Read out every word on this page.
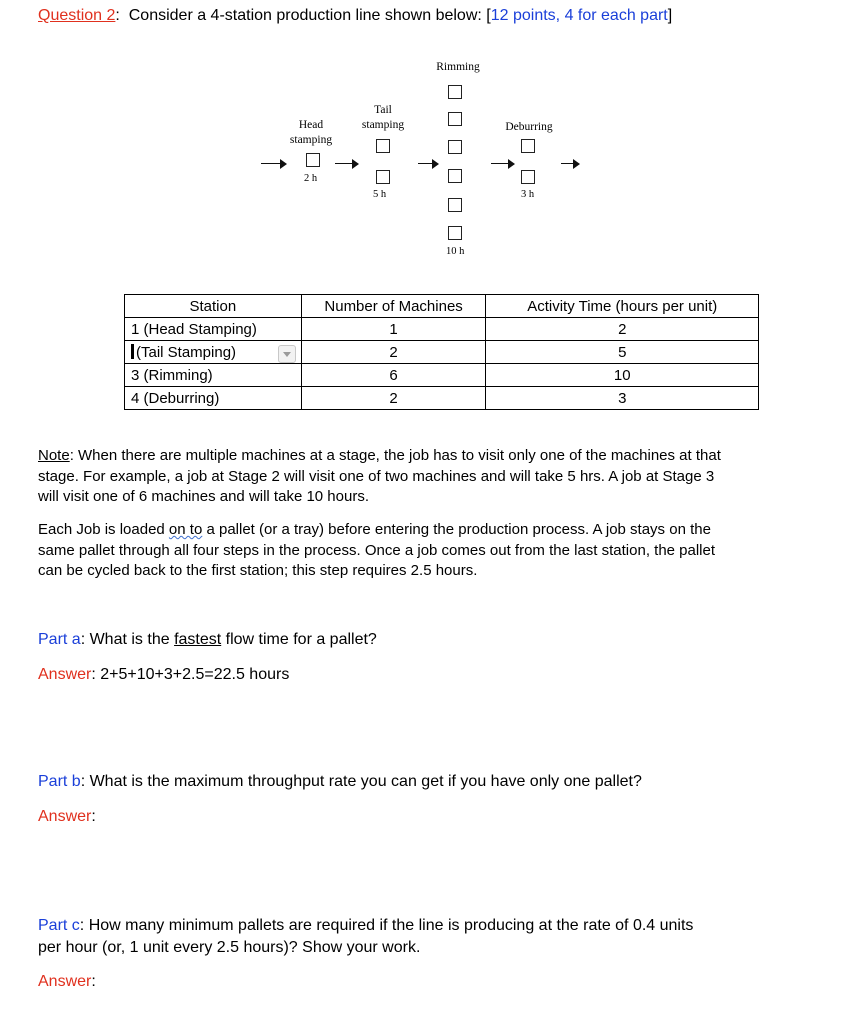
Question 2: Consider a 4-station production line shown below: [12 points, 4 for each part]
Rimming
Tail
stamping
Head
stamping
Deburring
2 h
5 h
10 h
3 h
Station	Number of Machines	Activity Time (hours per unit)
1 (Head Stamping)	1	2
(Tail Stamping)	2	5
3 (Rimming)	6	10
4 (Deburring)	2	3
Note: When there are multiple machines at a stage, the job has to visit only one of the machines at that
stage. For example, a job at Stage 2 will visit one of two machines and will take 5 hrs. A job at Stage 3
will visit one of 6 machines and will take 10 hours.
Each Job is loaded on to a pallet (or a tray) before entering the production process. A job stays on the
same pallet through all four steps in the process. Once a job comes out from the last station, the pallet
can be cycled back to the first station; this step requires 2.5 hours.
Part a: What is the fastest flow time for a pallet?
Answer: 2+5+10+3+2.5=22.5 hours
Part b: What is the maximum throughput rate you can get if you have only one pallet?
Answer:
Part c: How many minimum pallets are required if the line is producing at the rate of 0.4 units
per hour (or, 1 unit every 2.5 hours)? Show your work.
Answer:
